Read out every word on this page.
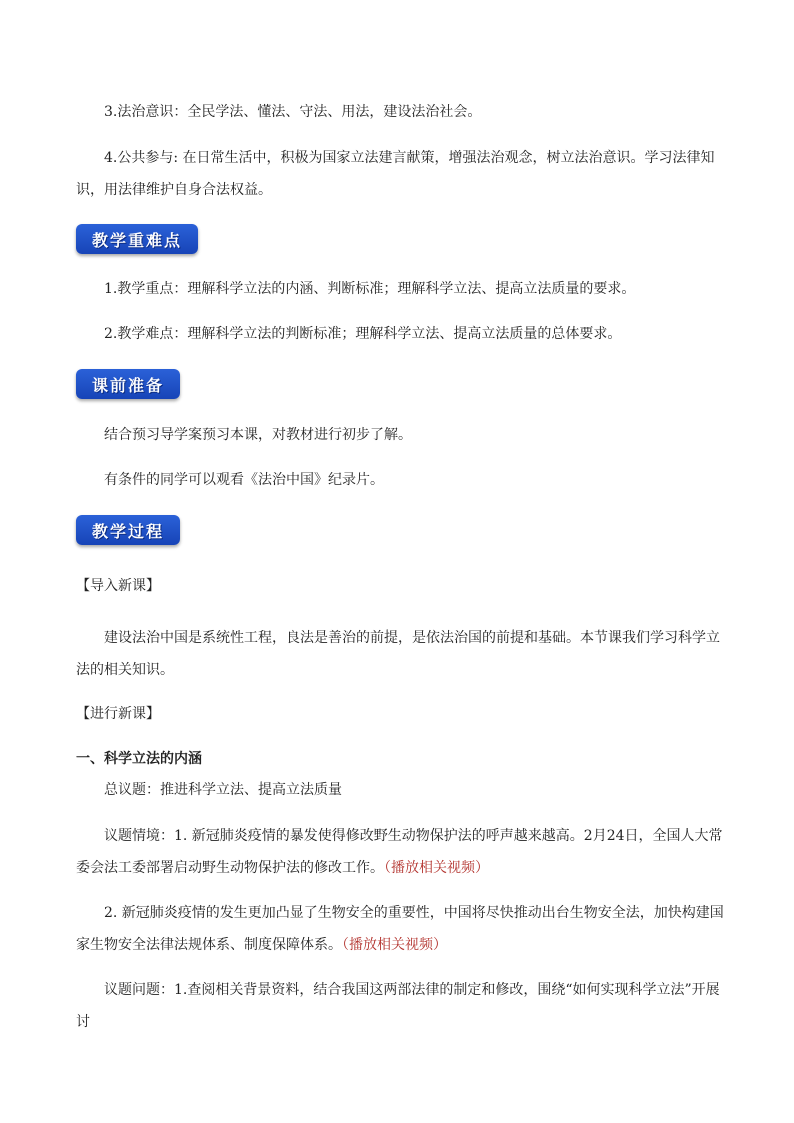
3.法治意识：全民学法、懂法、守法、用法，建设法治社会。

4.公共参与: 在日常生活中，积极为国家立法建言献策，增强法治观念，树立法治意识。学习法律知识，用法律维护自身合法权益。

教学重难点

1.教学重点：理解科学立法的内涵、判断标准；理解科学立法、提高立法质量的要求。

2.教学难点：理解科学立法的判断标准；理解科学立法、提高立法质量的总体要求。

课前准备

结合预习导学案预习本课，对教材进行初步了解。

有条件的同学可以观看《法治中国》纪录片。

教学过程

【导入新课】

建设法治中国是系统性工程，良法是善治的前提，是依法治国的前提和基础。本节课我们学习科学立法的相关知识。

【进行新课】

一、科学立法的内涵

总议题：推进科学立法、提高立法质量

议题情境：1. 新冠肺炎疫情的暴发使得修改野生动物保护法的呼声越来越高。2月24日，全国人大常委会法工委部署启动野生动物保护法的修改工作。（播放相关视频）

2. 新冠肺炎疫情的发生更加凸显了生物安全的重要性，中国将尽快推动出台生物安全法，加快构建国家生物安全法律法规体系、制度保障体系。（播放相关视频）

议题问题：1.查阅相关背景资料，结合我国这两部法律的制定和修改，围绕“如何实现科学立法”开展讨
